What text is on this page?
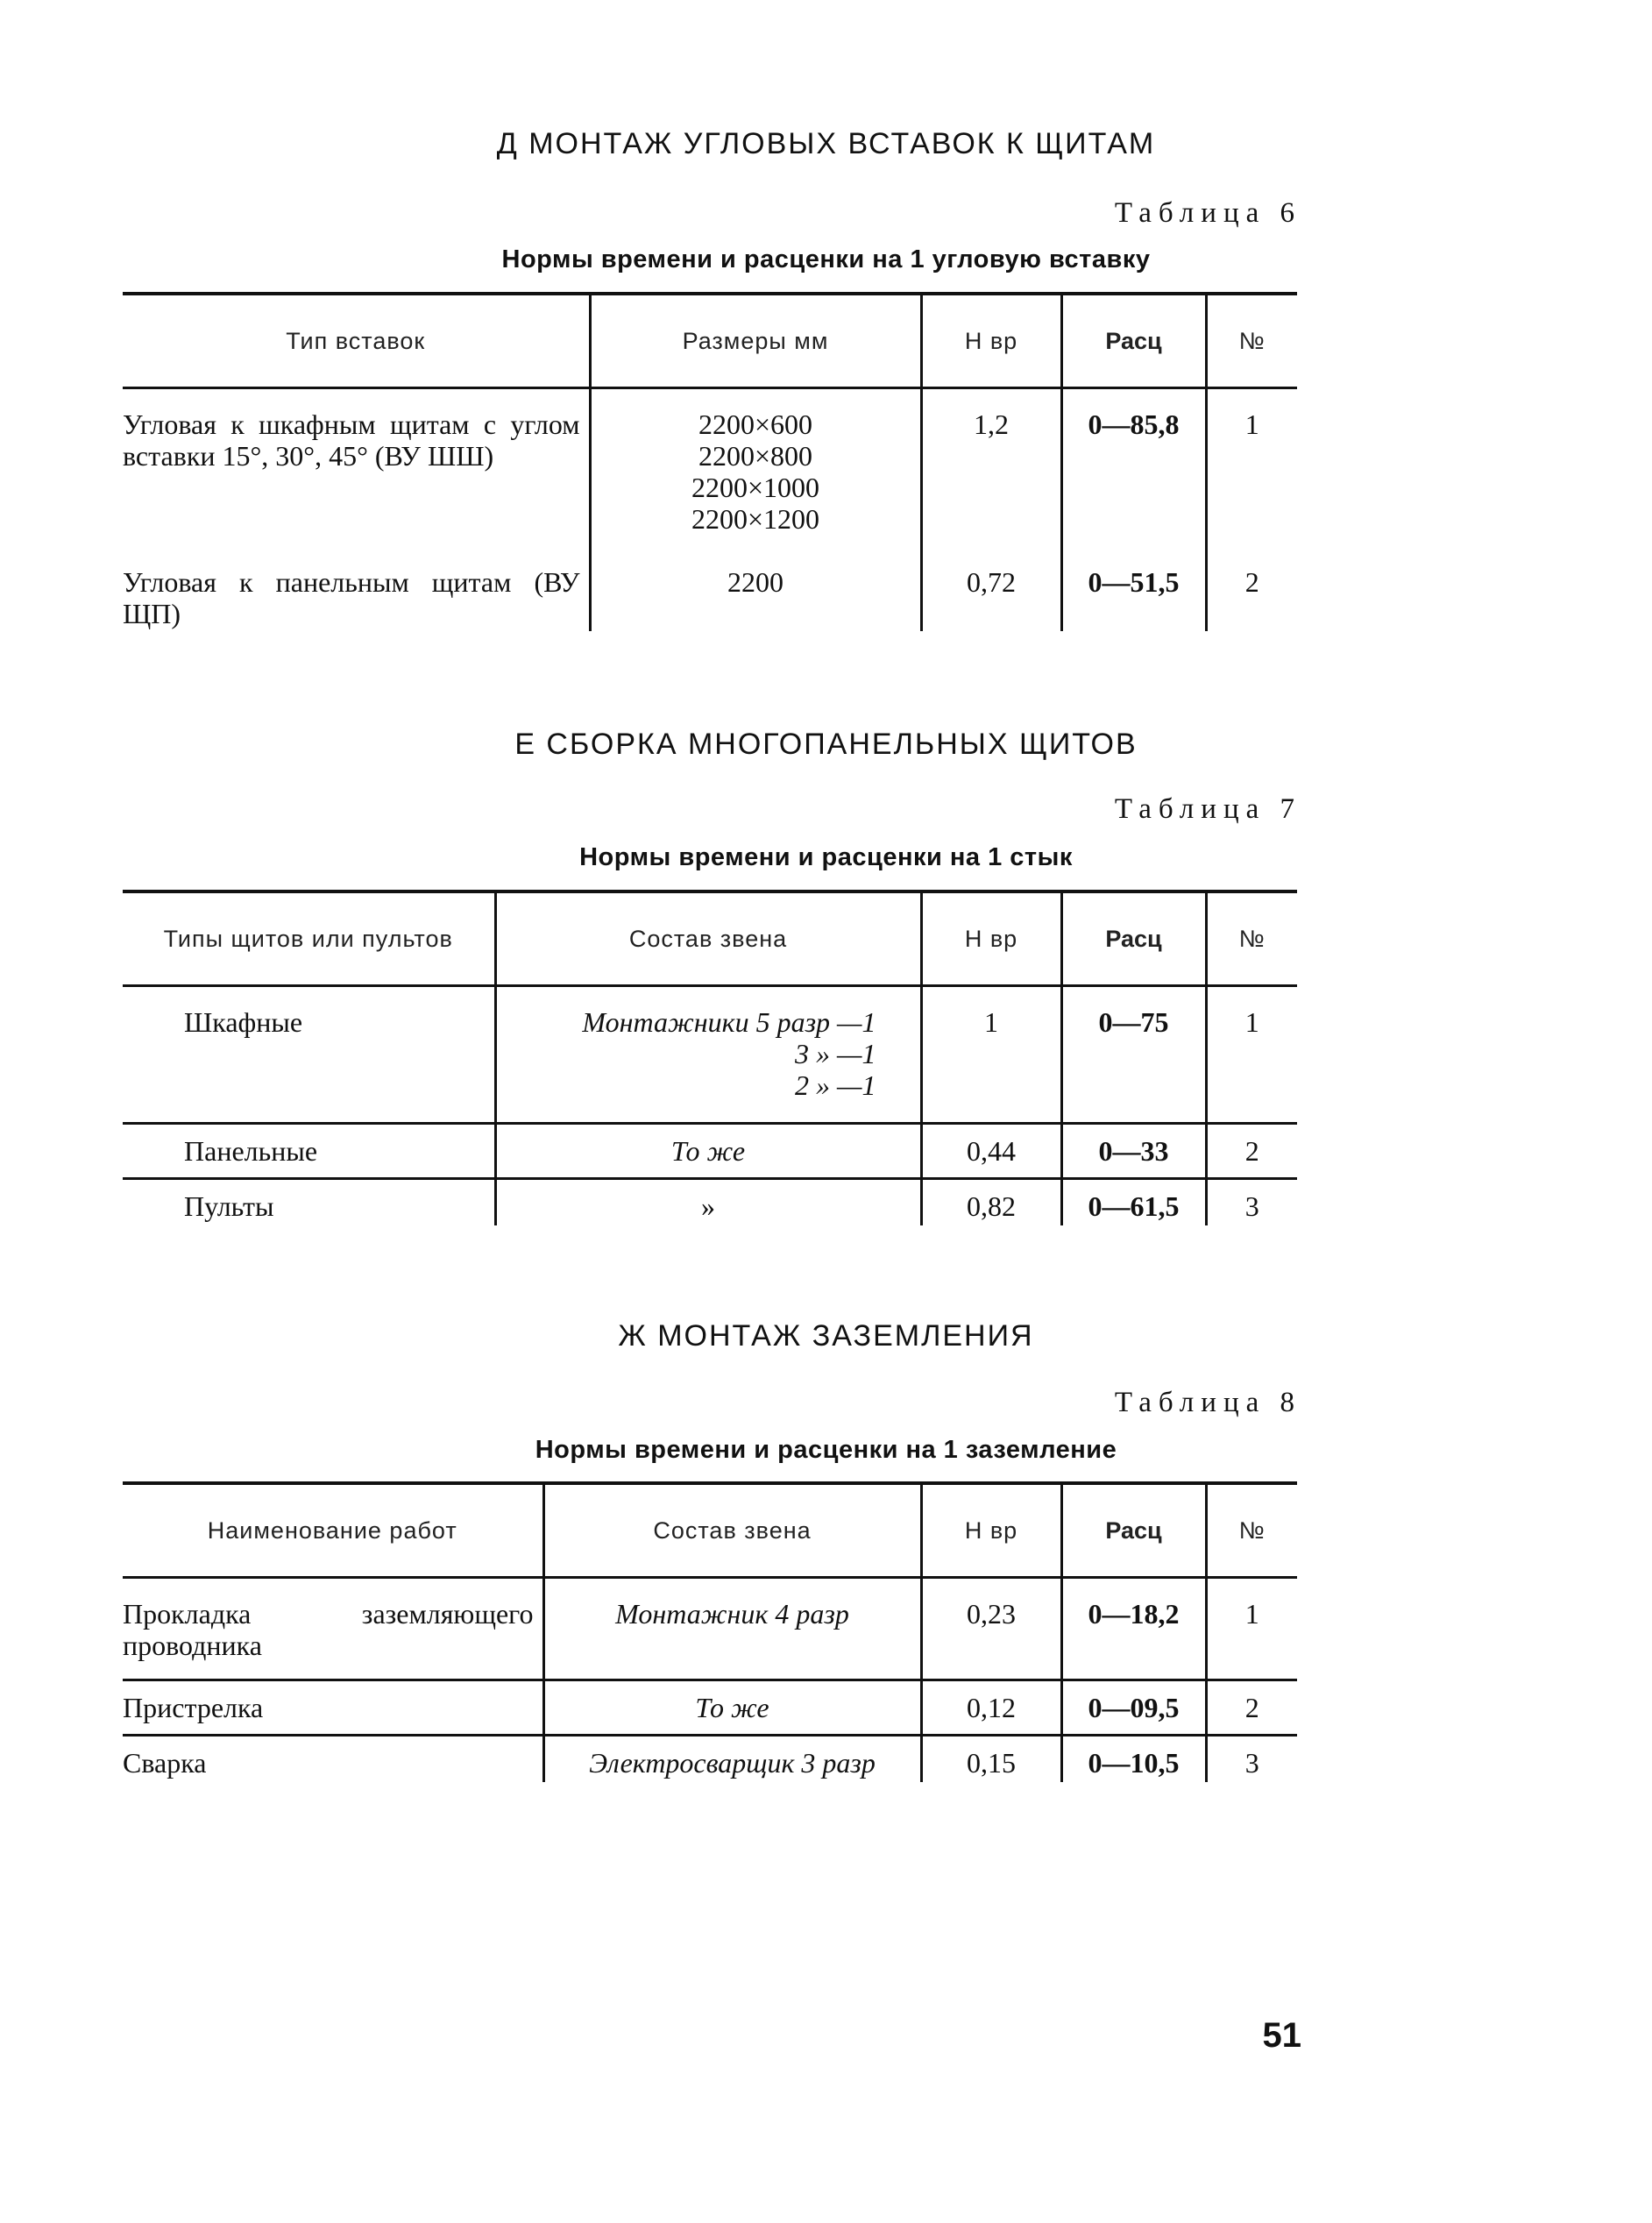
Д МОНТАЖ УГЛОВЫХ ВСТАВОК К ЩИТАМ
Таблица 6
Нормы времени и расценки на 1 угловую вставку
Тип вставок	Размеры мм	Н вр	Расц	№
Угловая к шкафным щитам с углом вставки 15°, 30°, 45° (ВУ ШШ)	2200×600
2200×800
2200×1000
2200×1200	1,2	0—85,8	1
Угловая к панельным щитам (ВУ ЩП)	2200	0,72	0—51,5	2
Е СБОРКА МНОГОПАНЕЛЬНЫХ ЩИТОВ
Таблица 7
Нормы времени и расценки на 1 стык
Типы щитов или пультов	Состав звена	Н вр	Расц	№
Шкафные	Монтажники 5 разр —1
3 » —1
2 » —1	1	0—75	1
Панельные	То же	0,44	0—33	2
Пульты	»	0,82	0—61,5	3
Ж МОНТАЖ ЗАЗЕМЛЕНИЯ
Таблица 8
Нормы времени и расценки на 1 заземление
Наименование работ	Состав звена	Н вр	Расц	№
Прокладка заземляющего проводника	Монтажник 4 разр	0,23	0—18,2	1
Пристрелка	То же	0,12	0—09,5	2
Сварка	Электросварщик 3 разр	0,15	0—10,5	3
51
